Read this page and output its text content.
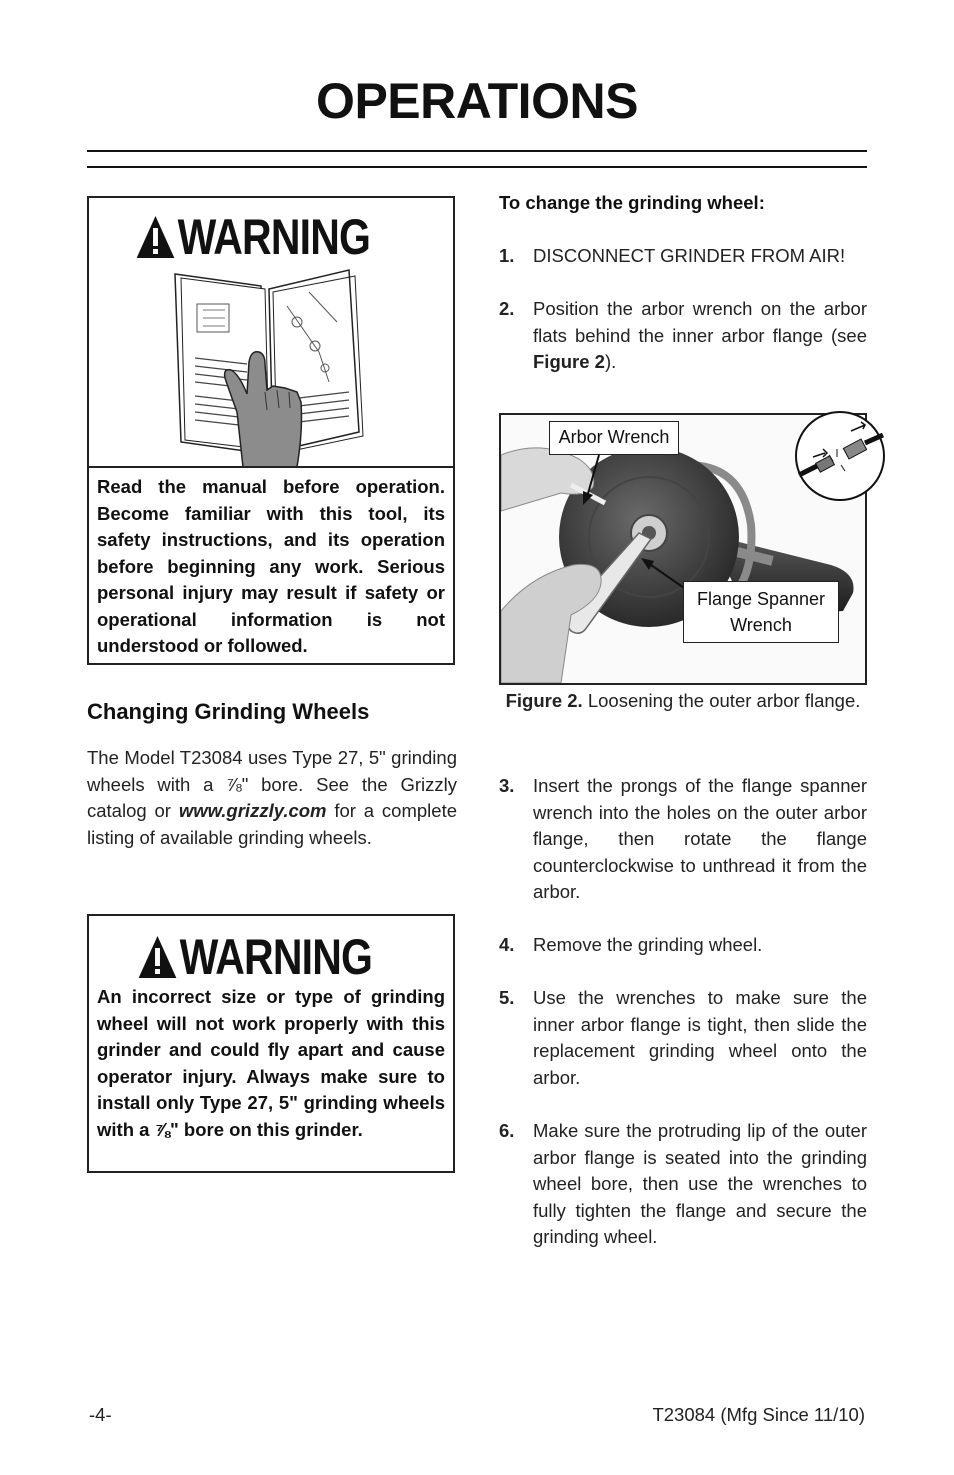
OPERATIONS
WARNING
Read the manual before operation. Become familiar with this tool, its safety instructions, and its operation before beginning any work. Serious personal injury may result if safety or operational information is not understood or followed.
Changing Grinding Wheels
The Model T23084 uses Type 27, 5" grinding wheels with a ⅞" bore. See the Grizzly catalog or www.grizzly.com for a complete listing of available grinding wheels.
WARNING
An incorrect size or type of grinding wheel will not work properly with this grinder and could fly apart and cause operator injury. Always make sure to install only Type 27, 5" grinding wheels with a ⅞" bore on this grinder.
To change the grinding wheel:
1. DISCONNECT GRINDER FROM AIR!
2. Position the arbor wrench on the arbor flats behind the inner arbor flange (see Figure 2).
Arbor Wrench
Flange Spanner
Wrench
Figure 2. Loosening the outer arbor flange.
3. Insert the prongs of the flange spanner wrench into the holes on the outer arbor flange, then rotate the flange counterclockwise to unthread it from the arbor.
4. Remove the grinding wheel.
5. Use the wrenches to make sure the inner arbor flange is tight, then slide the replacement grinding wheel onto the arbor.
6. Make sure the protruding lip of the outer arbor flange is seated into the grinding wheel bore, then use the wrenches to fully tighten the flange and secure the grinding wheel.
-4-	T23084 (Mfg Since 11/10)
